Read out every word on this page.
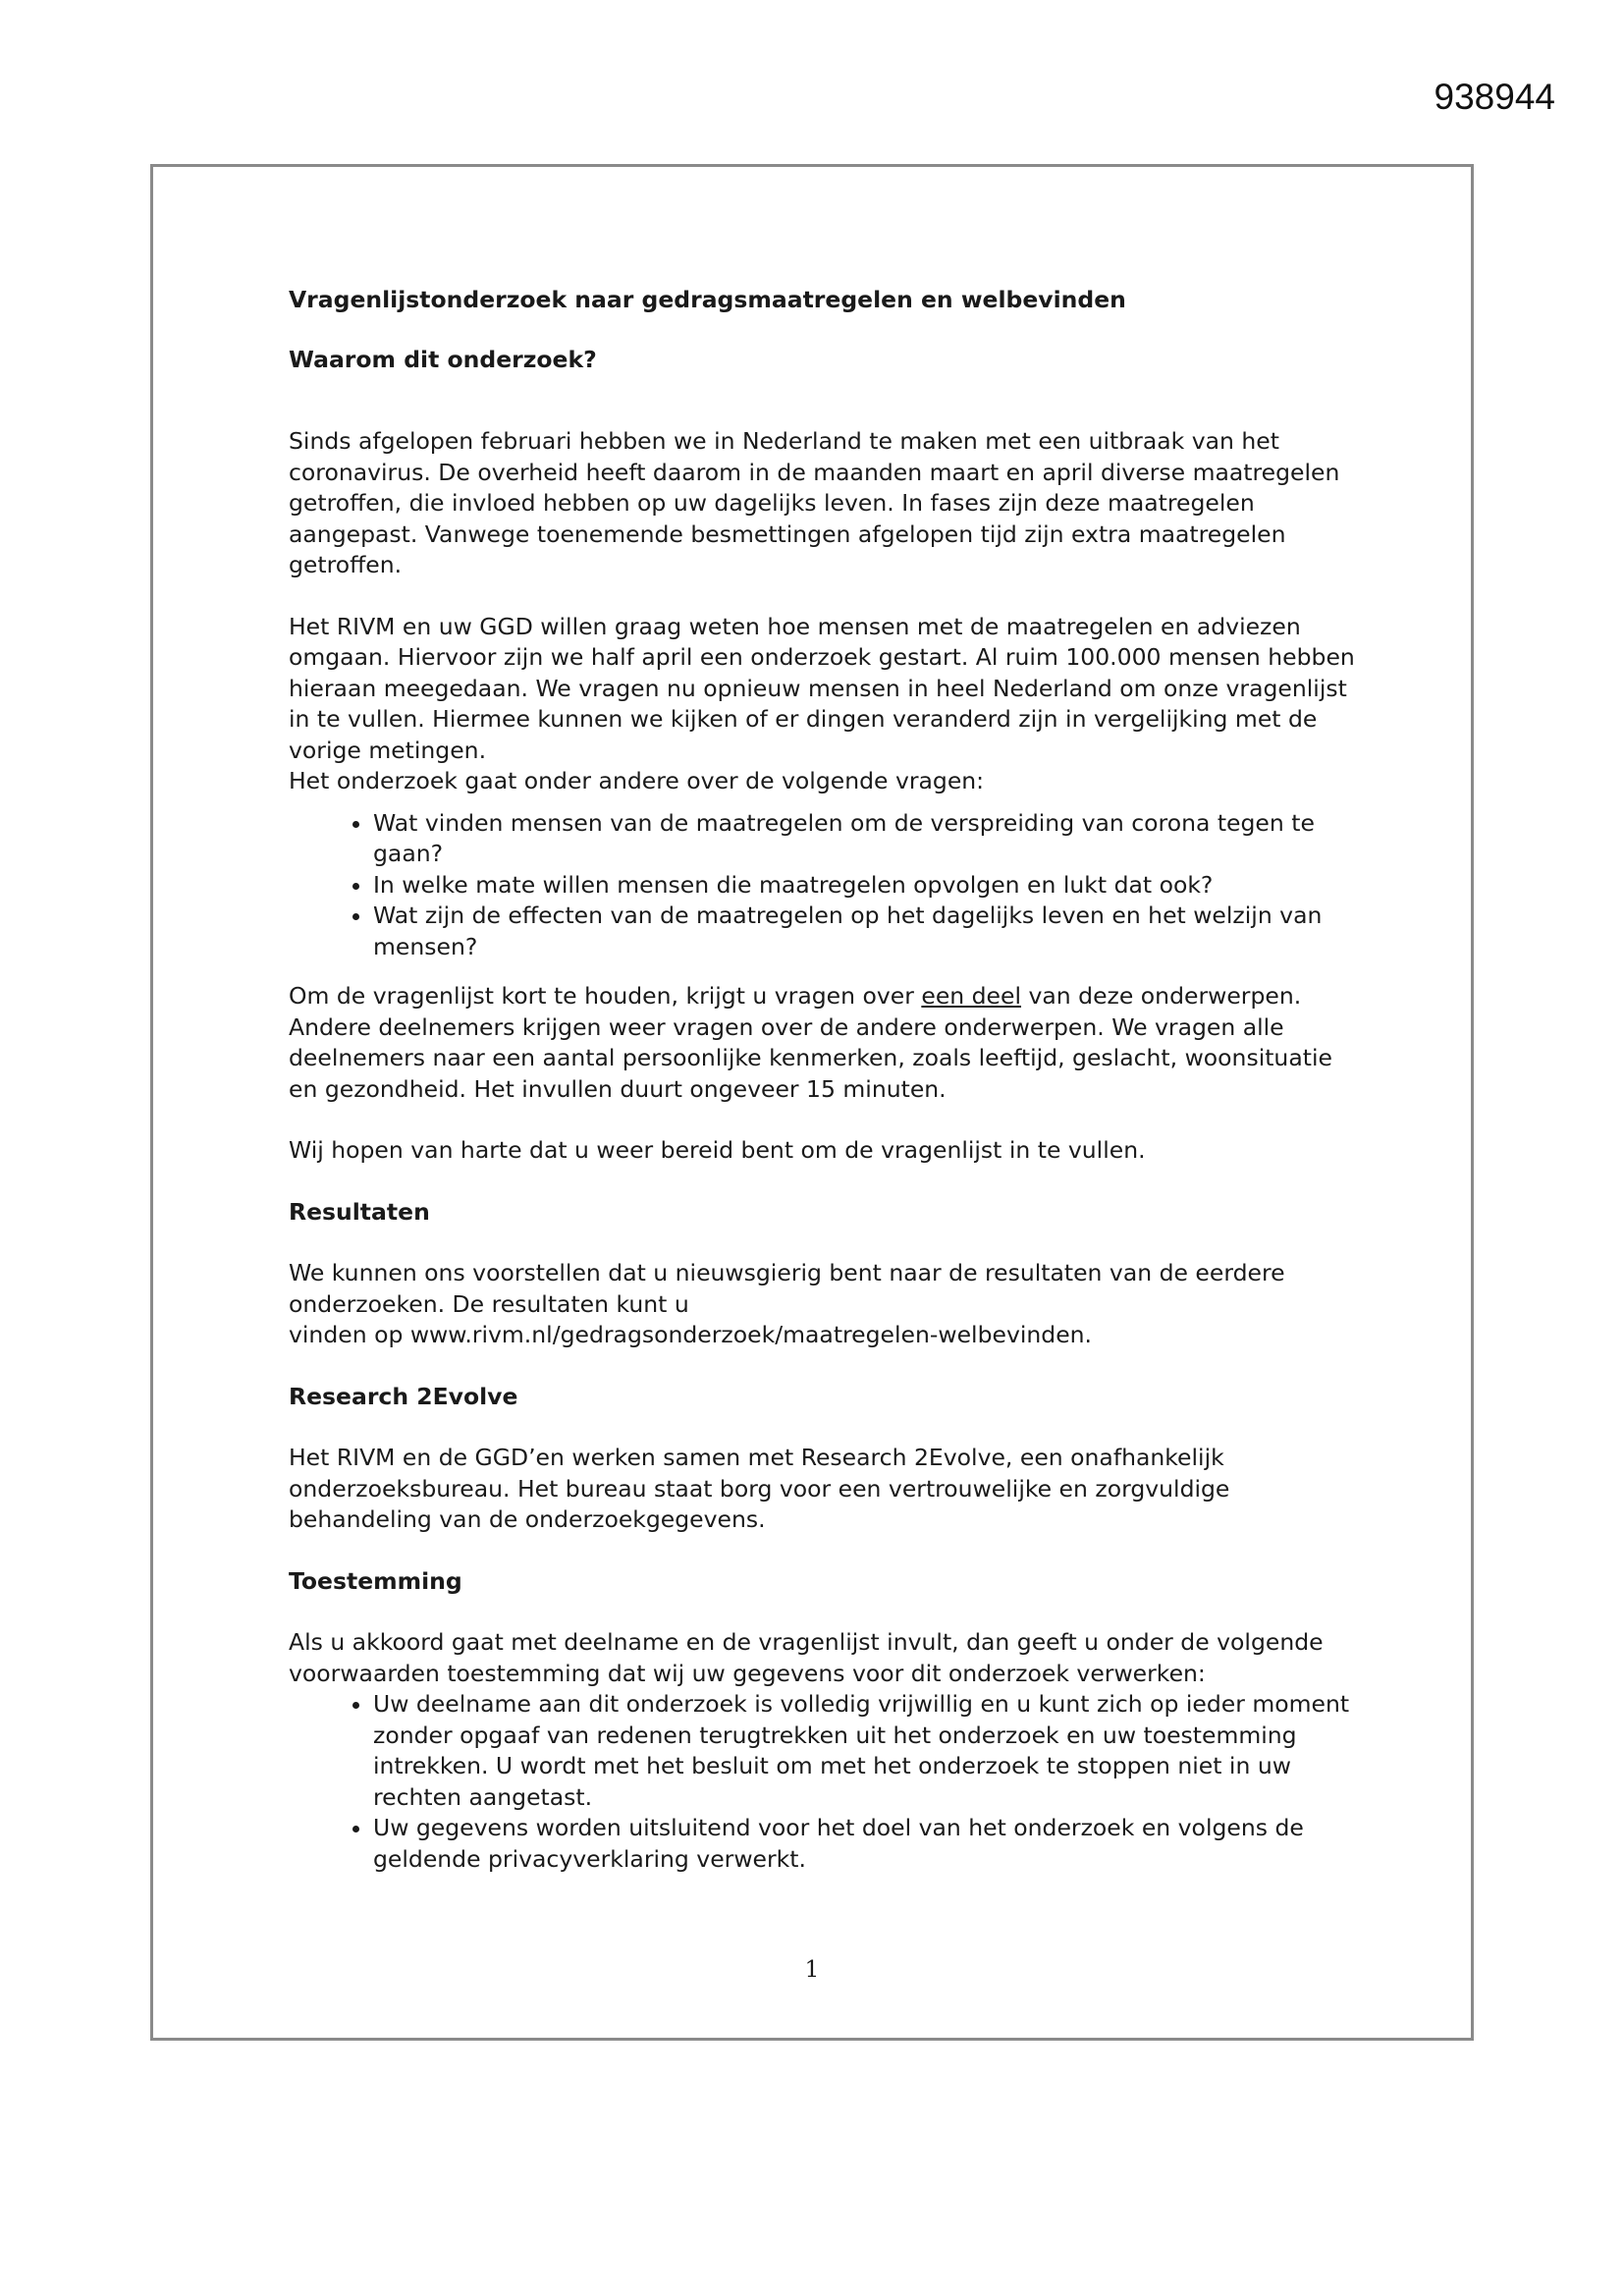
938944
Vragenlijstonderzoek naar gedragsmaatregelen en welbevinden
Waarom dit onderzoek?

Sinds afgelopen februari hebben we in Nederland te maken met een uitbraak van het coronavirus. De overheid heeft daarom in de maanden maart en april diverse maatregelen getroffen, die invloed hebben op uw dagelijks leven. In fases zijn deze maatregelen aangepast. Vanwege toenemende besmettingen afgelopen tijd zijn extra maatregelen getroffen.

Het RIVM en uw GGD willen graag weten hoe mensen met de maatregelen en adviezen omgaan. Hiervoor zijn we half april een onderzoek gestart. Al ruim 100.000 mensen hebben hieraan meegedaan. We vragen nu opnieuw mensen in heel Nederland om onze vragenlijst in te vullen. Hiermee kunnen we kijken of er dingen veranderd zijn in vergelijking met de vorige metingen.

Het onderzoek gaat onder andere over de volgende vragen:

• Wat vinden mensen van de maatregelen om de verspreiding van corona tegen te gaan?
• In welke mate willen mensen die maatregelen opvolgen en lukt dat ook?
• Wat zijn de effecten van de maatregelen op het dagelijks leven en het welzijn van mensen?

Om de vragenlijst kort te houden, krijgt u vragen over een deel van deze onderwerpen. Andere deelnemers krijgen weer vragen over de andere onderwerpen. We vragen alle deelnemers naar een aantal persoonlijke kenmerken, zoals leeftijd, geslacht, woonsituatie en gezondheid. Het invullen duurt ongeveer 15 minuten.

Wij hopen van harte dat u weer bereid bent om de vragenlijst in te vullen.

Resultaten

We kunnen ons voorstellen dat u nieuwsgierig bent naar de resultaten van de eerdere onderzoeken. De resultaten kunt u
vinden op www.rivm.nl/gedragsonderzoek/maatregelen-welbevinden.

Research 2Evolve

Het RIVM en de GGD’en werken samen met Research 2Evolve, een onafhankelijk onderzoeksbureau. Het bureau staat borg voor een vertrouwelijke en zorgvuldige behandeling van de onderzoekgegevens.

Toestemming

Als u akkoord gaat met deelname en de vragenlijst invult, dan geeft u onder de volgende voorwaarden toestemming dat wij uw gegevens voor dit onderzoek verwerken:

• Uw deelname aan dit onderzoek is volledig vrijwillig en u kunt zich op ieder moment zonder opgaaf van redenen terugtrekken uit het onderzoek en uw toestemming intrekken. U wordt met het besluit om met het onderzoek te stoppen niet in uw rechten aangetast.
• Uw gegevens worden uitsluitend voor het doel van het onderzoek en volgens de geldende privacyverklaring verwerkt.
1
